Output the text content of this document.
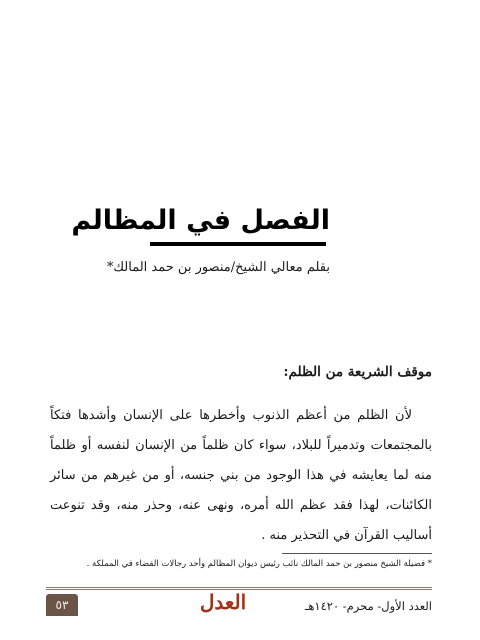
الفصل في المظالم
بقلم معالي الشيخ/منصور بن حمد المالك*
موقف الشريعة من الظلم:

لأن الظلم من أعظم الذنوب وأخطرها على الإنسان وأشدها فتكاً بالمجتمعات وتدميراً للبلاد، سواء كان ظلماً من الإنسان لنفسه أو ظلماً منه لما يعايشه في هذا الوجود من بني جنسه، أو من غيرهم من سائر الكائنات، لهذا فقد عظم الله أمره، ونهى عنه، وحذر منه، وقد تنوعت أساليب القرآن في التحذير منه .

* فضيلة الشيخ منصور بن حمد المالك نائب رئيس ديوان المظالم وأحد رجالات القضاء في المملكة .
العدد الأول- محرم- ١٤٢٠هـ
العدل
٥٣
